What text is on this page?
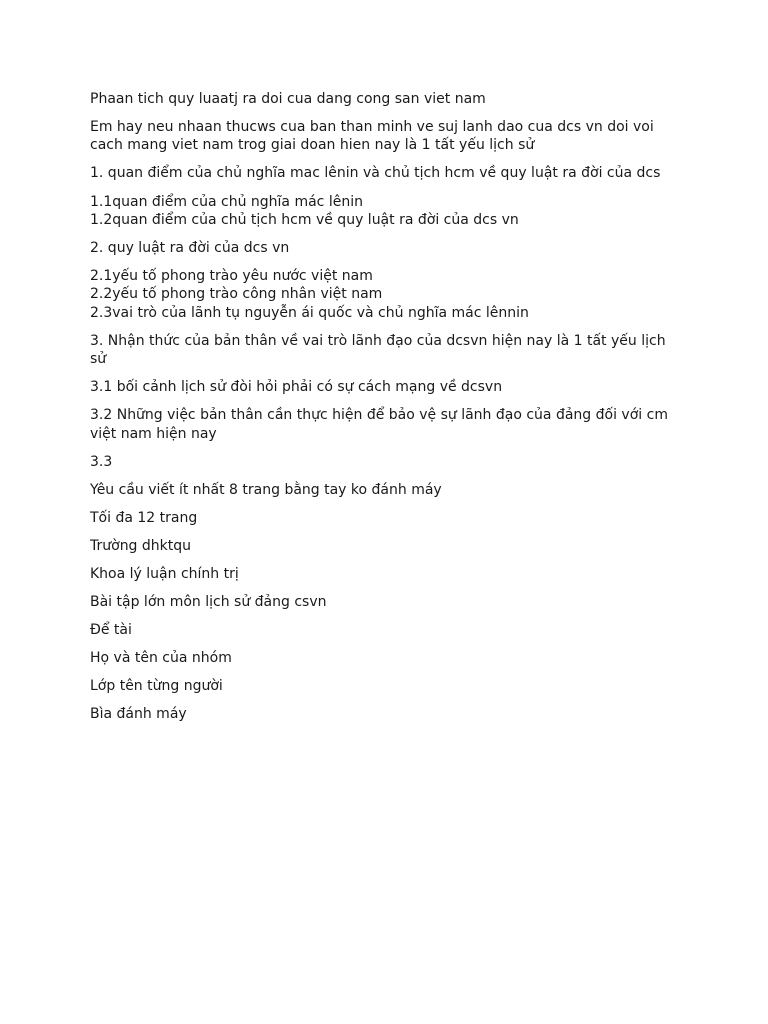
Phaan tich quy luaatj ra doi cua dang cong san viet nam

Em hay neu nhaan thucws cua ban than minh ve suj lanh dao cua dcs vn doi voi
cach mang viet nam trog giai doan hien nay là 1 tất yếu lịch sử

1. quan điểm của chủ nghĩa mac lênin và chủ tịch hcm về quy luật ra đời của dcs

1.1quan điểm của chủ nghĩa mác lênin
1.2quan điểm của chủ tịch hcm về quy luật ra đời của dcs vn

2. quy luật ra đời của dcs vn

2.1yếu tố phong trào yêu nước việt nam
2.2yếu tố phong trào công nhân việt nam
2.3vai trò của lãnh tụ nguyễn ái quốc và chủ nghĩa mác lênnin

3. Nhận thức của bản thân về vai trò lãnh đạo của dcsvn hiện nay là 1 tất yếu lịch
sử

3.1 bối cảnh lịch sử đòi hỏi phải có sự cách mạng về dcsvn

3.2 Những việc bản thân cần thực hiện để bảo vệ sự lãnh đạo của đảng đối với cm
việt nam hiện nay

3.3

Yêu cầu viết ít nhất 8 trang bằng tay ko đánh máy

Tối đa 12 trang

Trường dhktqu

Khoa lý luận chính trị

Bài tập lớn môn lịch sử đảng csvn

Để tài

Họ và tên của nhóm

Lớp tên từng người

Bìa đánh máy
